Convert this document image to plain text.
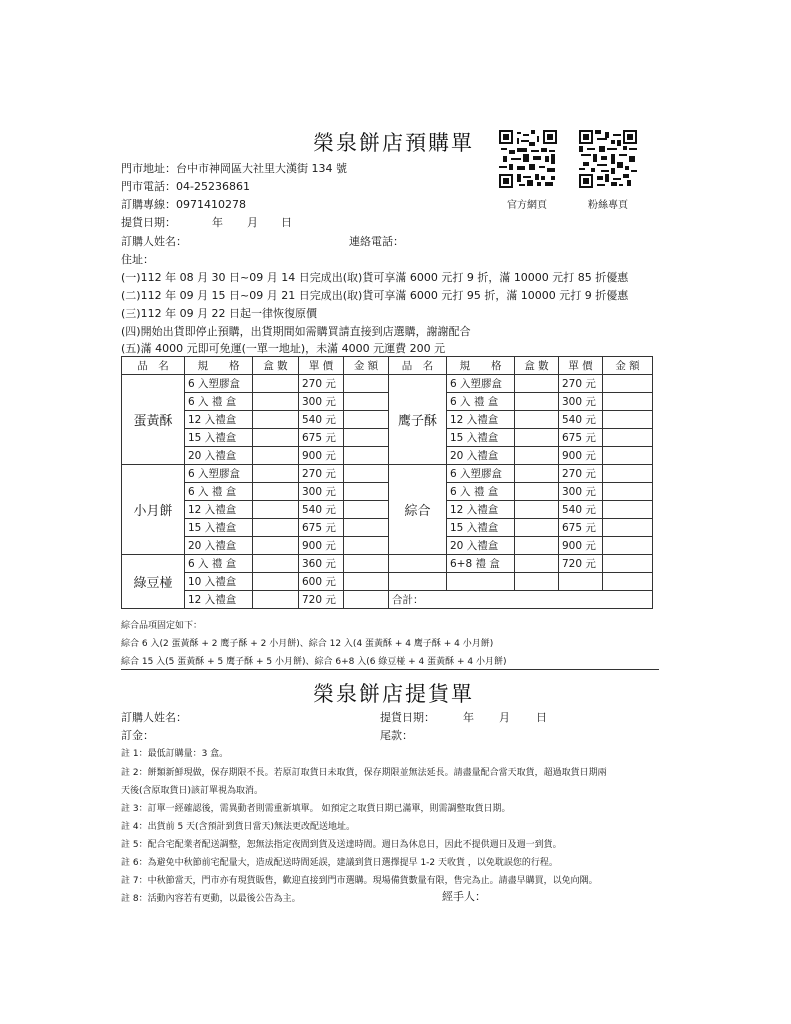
榮泉餅店預購單
門市地址：台中市神岡區大社里大漢街 134 號
門市電話：04-25236861
訂購專線：0971410278
提貨日期：	年 月 日
訂購人姓名：	連絡電話：
住址：
官方網頁	粉絲專頁
(一)112 年 08 月 30 日~09 月 14 日完成出(取)貨可享滿 6000 元打 9 折，滿 10000 元打 85 折優惠
(二)112 年 09 月 15 日~09 月 21 日完成出(取)貨可享滿 6000 元打 95 折，滿 10000 元打 9 折優惠
(三)112 年 09 月 22 日起一律恢復原價
(四)開始出貨即停止預購，出貨期間如需購買請直接到店選購，謝謝配合
(五)滿 4000 元即可免運(一單一地址)，未滿 4000 元運費 200 元
品　名	規　　格	盒 數	單 價	金 額	品　名	規　　格	盒 數	單 價	金 額
蛋黃酥	6 入塑膠盒		270 元		鹰子酥	6 入塑膠盒		270 元	
	6 入 禮 盒		300 元			6 入 禮 盒		300 元	
	12 入禮盒		540 元			12 入禮盒		540 元	
	15 入禮盒		675 元			15 入禮盒		675 元	
	20 入禮盒		900 元			20 入禮盒		900 元	
小月餅	6 入塑膠盒		270 元		綜合	6 入塑膠盒		270 元	
	6 入 禮 盒		300 元			6 入 禮 盒		300 元	
	12 入禮盒		540 元			12 入禮盒		540 元	
	15 入禮盒		675 元			15 入禮盒		675 元	
	20 入禮盒		900 元			20 入禮盒		900 元	
綠豆椪	6 入 禮 盒		360 元			6+8 禮 盒		720 元	
	10 入禮盒		600 元						
	12 入禮盒		720 元		合計：				
綜合品項固定如下：
綜合 6 入(2 蛋黃酥 + 2 鹰子酥 + 2 小月餅)、綜合 12 入(4 蛋黃酥 + 4 鹰子酥 + 4 小月餅)
綜合 15 入(5 蛋黃酥 + 5 鹰子酥 + 5 小月餅)、綜合 6+8 入(6 綠豆椪 + 4 蛋黃酥 + 4 小月餅)
榮泉餅店提貨單
訂購人姓名：	提貨日期：	年 月 日
訂金：	尾款：
註 1：最低訂購量：3 盒。
註 2：餅類新鮮現做，保存期限不長。若原訂取貨日未取貨，保存期限並無法延長。請盡量配合當天取貨，超過取貨日期兩
天後(含原取貨日)該訂單視為取消。
註 3：訂單一經確認後，需異動者則需重新填單。 如預定之取貨日期已滿單，則需調整取貨日期。
註 4：出貨前 5 天(含預計到貨日當天)無法更改配送地址。
註 5：配合宅配業者配送調整，恕無法指定夜間到貨及送達時間。週日為休息日，因此不提供週日及週一到貨。
註 6：為避免中秋節前宅配量大，造成配送時間延誤，建議到貨日選擇提早 1-2 天收貨 ，以免耽誤您的行程。
註 7：中秋節當天，門市亦有現貨販售，歡迎直接到門市選購。現場備貨數量有限，售完為止。請盡早購買，以免向隅。
註 8：活動內容若有更動，以最後公告為主。	經手人：
